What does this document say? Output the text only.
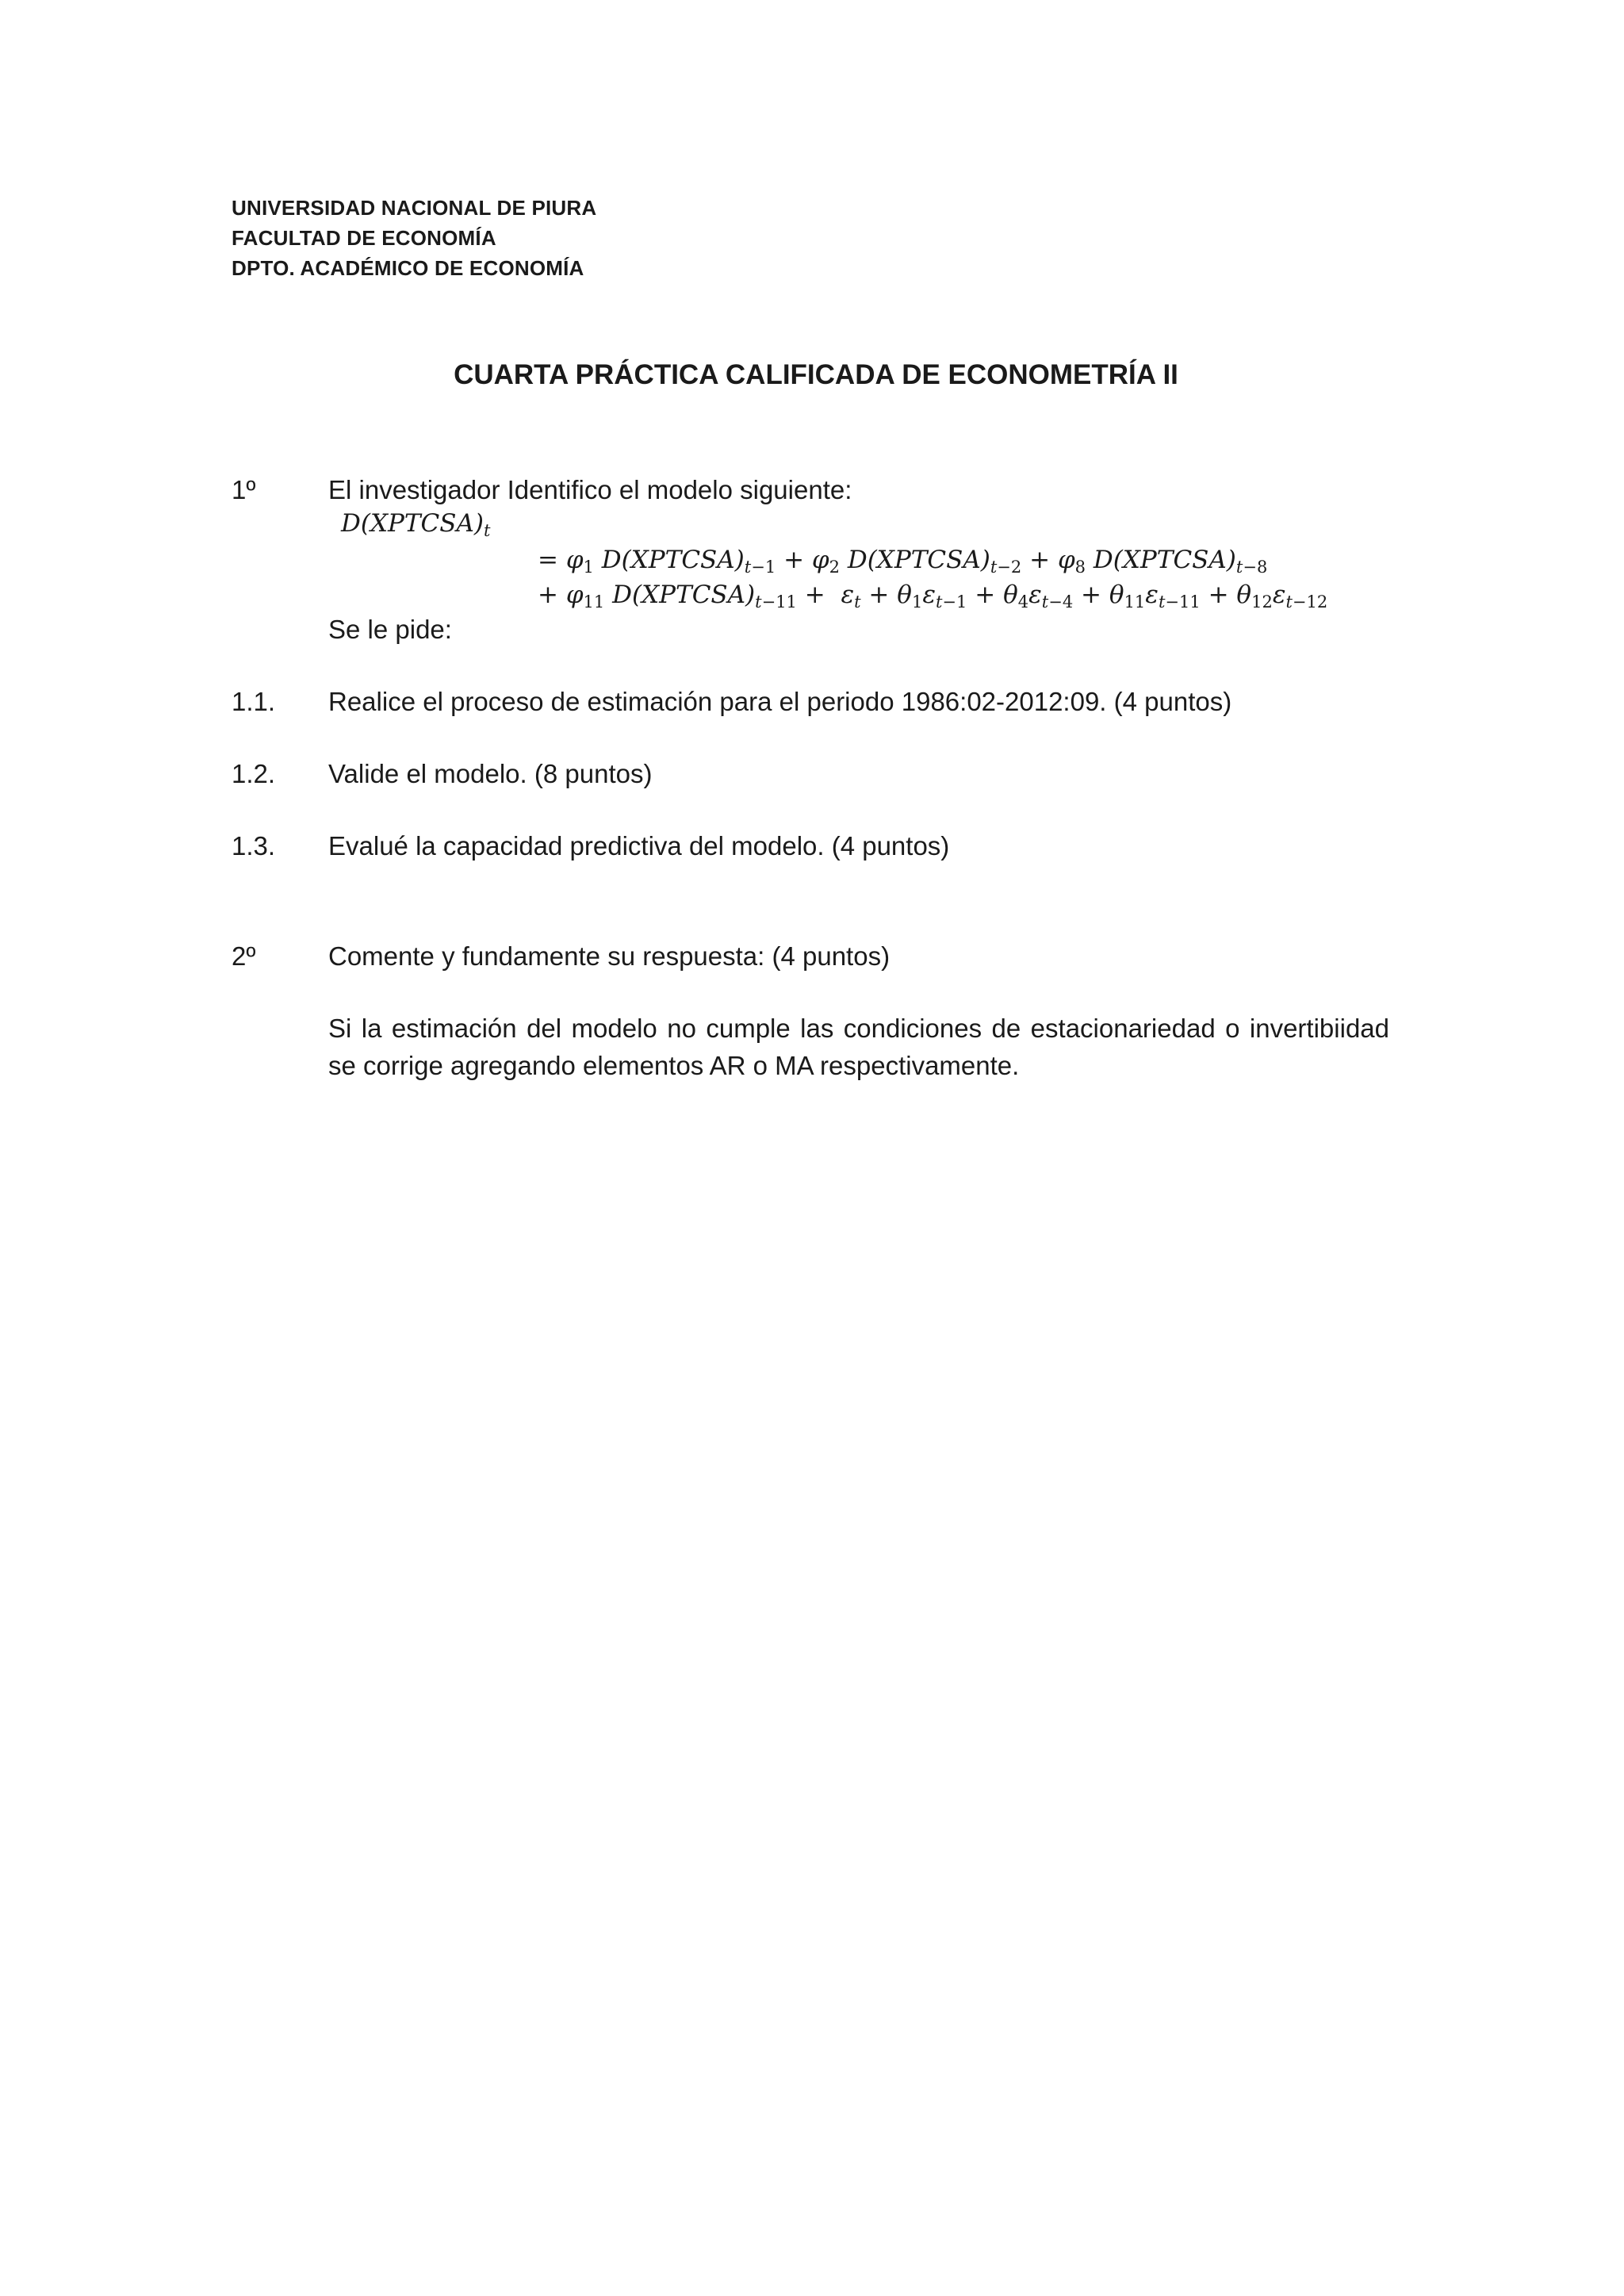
UNIVERSIDAD NACIONAL DE PIURA
FACULTAD DE ECONOMÍA
DPTO. ACADÉMICO DE ECONOMÍA
CUARTA PRÁCTICA CALIFICADA DE ECONOMETRÍA II
1º	El investigador Identifico el modelo siguiente:
$D(XPTCSA)_t$
= $\varphi_1$ $D(XPTCSA)_{t-1} + \varphi_2$ $D(XPTCSA)_{t-2} + \varphi_8$ $D(XPTCSA)_{t-8}$
+ $\varphi_{11}$ $D(XPTCSA)_{t-11} + \varepsilon_t + \theta_1\varepsilon_{t-1} + \theta_4\varepsilon_{t-4} + \theta_{11}\varepsilon_{t-11} + \theta_{12}\varepsilon_{t-12}$
Se le pide:
1.1. Realice el proceso de estimación para el periodo 1986:02-2012:09. (4 puntos)
1.2. Valide el modelo. (8 puntos)
1.3. Evalué la capacidad predictiva del modelo. (4 puntos)
2º	Comente y fundamente su respuesta: (4 puntos)
Si la estimación del modelo no cumple las condiciones de estacionariedad o invertibiidad se corrige agregando elementos AR o MA respectivamente.
